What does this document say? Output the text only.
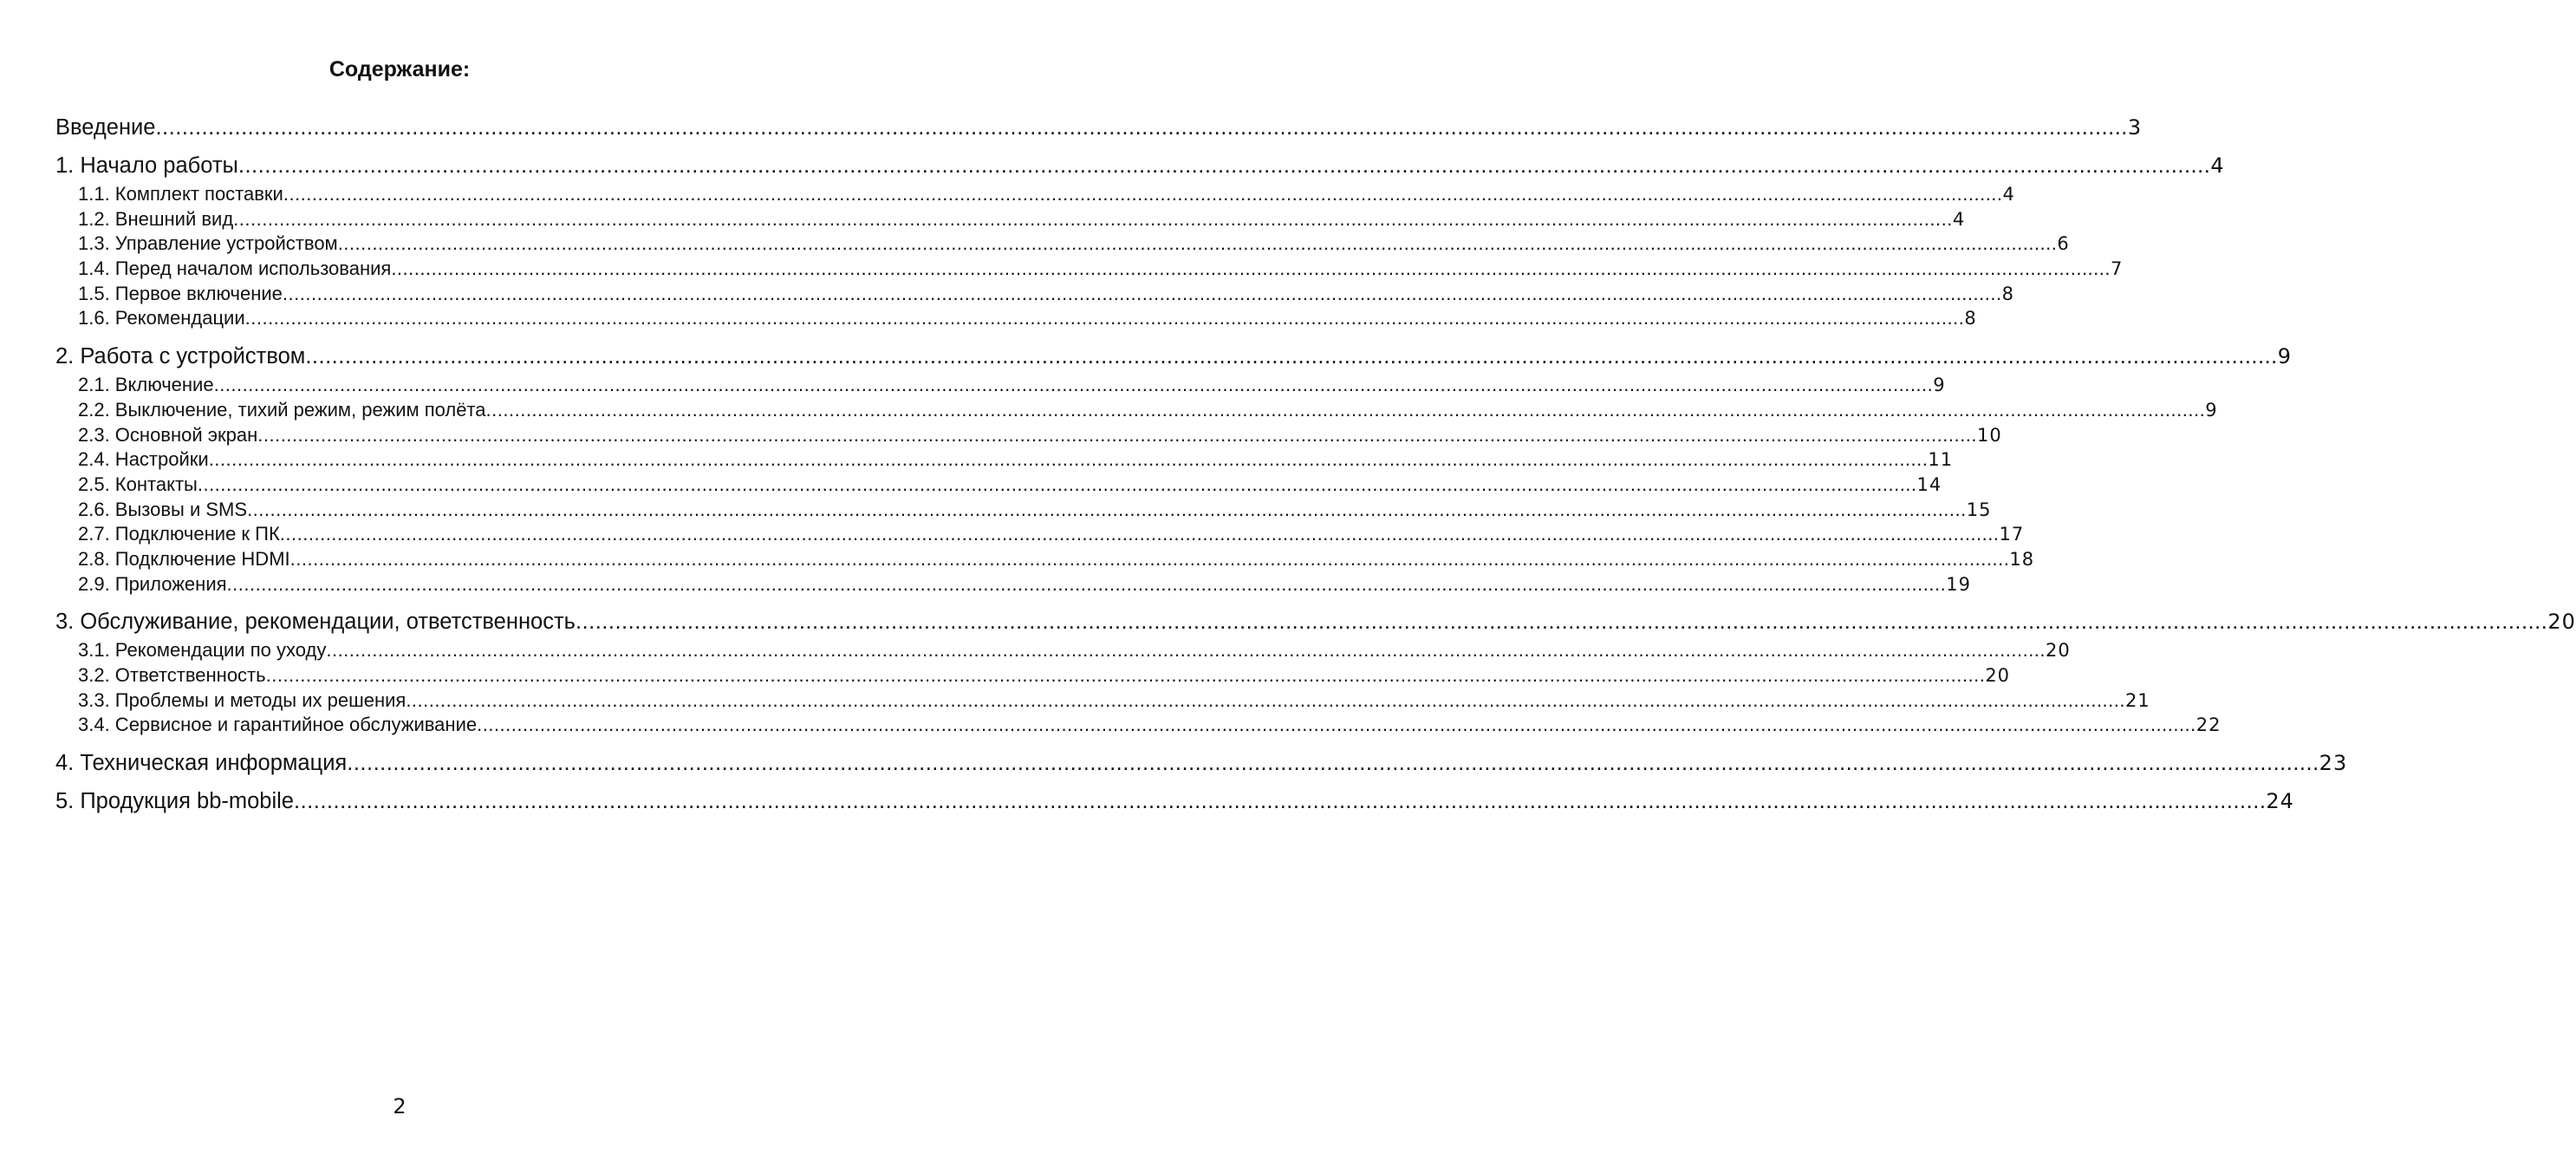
Содержание:
Введение ............................................................................................................................................................................................................................................................................................................ 3
1. Начало работы ............................................................................................................................................................................................................................................................................................................ 4
1.1. Комплект поставки ............................................................................................................................................................................................................................................................................................................ 4
1.2. Внешний вид ............................................................................................................................................................................................................................................................................................................ 4
1.3. Управление устройством ............................................................................................................................................................................................................................................................................................................ 6
1.4. Перед началом использования ............................................................................................................................................................................................................................................................................................................ 7
1.5. Первое включение ............................................................................................................................................................................................................................................................................................................ 8
1.6. Рекомендации ............................................................................................................................................................................................................................................................................................................ 8
2. Работа с устройством ............................................................................................................................................................................................................................................................................................................ 9
2.1. Включение ............................................................................................................................................................................................................................................................................................................ 9
2.2. Выключение, тихий режим, режим полёта ............................................................................................................................................................................................................................................................................................................ 9
2.3. Основной экран ............................................................................................................................................................................................................................................................................................................ 10
2.4. Настройки ............................................................................................................................................................................................................................................................................................................ 11
2.5. Контакты ............................................................................................................................................................................................................................................................................................................ 14
2.6. Вызовы и SMS ............................................................................................................................................................................................................................................................................................................ 15
2.7. Подключение к ПК ............................................................................................................................................................................................................................................................................................................ 17
2.8. Подключение HDMI ............................................................................................................................................................................................................................................................................................................ 18
2.9. Приложения ............................................................................................................................................................................................................................................................................................................ 19
3. Обслуживание, рекомендации, ответственность ............................................................................................................................................................................................................................................................................................................ 20
3.1. Рекомендации по уходу ............................................................................................................................................................................................................................................................................................................ 20
3.2. Ответственность ............................................................................................................................................................................................................................................................................................................ 20
3.3. Проблемы и методы их решения ............................................................................................................................................................................................................................................................................................................ 21
3.4. Сервисное и гарантийное обслуживание ............................................................................................................................................................................................................................................................................................................ 22
4. Техническая информация ............................................................................................................................................................................................................................................................................................................ 23
5. Продукция bb-mobile ............................................................................................................................................................................................................................................................................................................ 24
2
